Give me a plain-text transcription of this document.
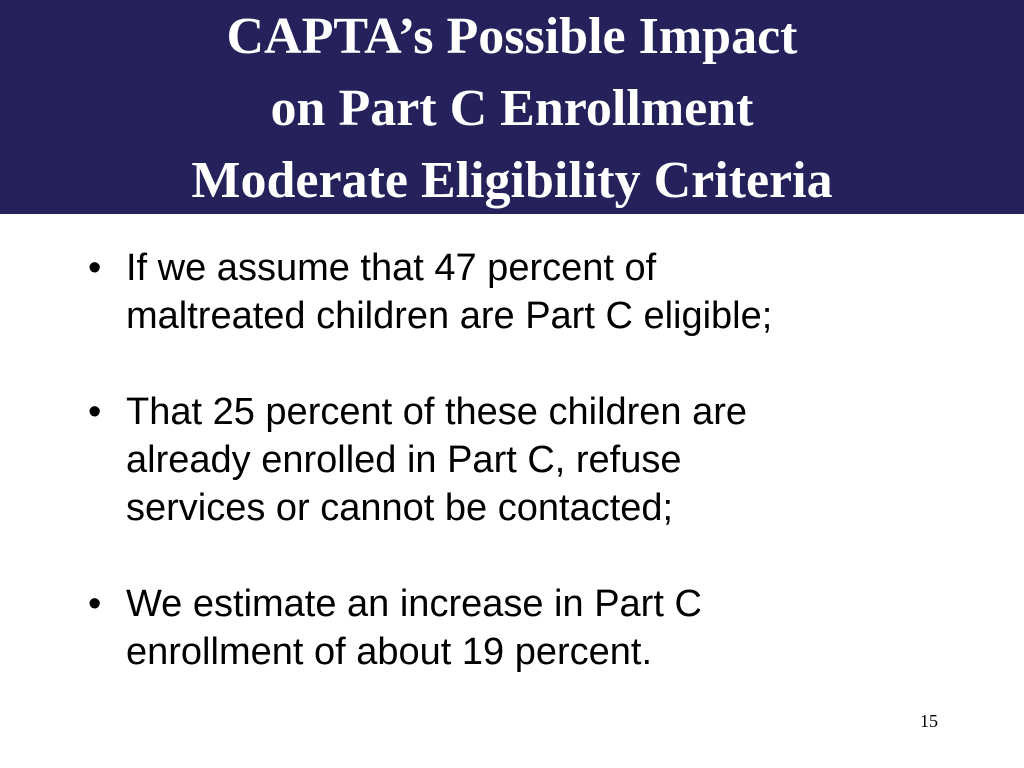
CAPTA’s Possible Impact
on Part C Enrollment
Moderate Eligibility Criteria
• If we assume that 47 percent of
maltreated children are Part C eligible;
• That 25 percent of these children are
already enrolled in Part C, refuse
services or cannot be contacted;
• We estimate an increase in Part C
enrollment of about 19 percent.
15
